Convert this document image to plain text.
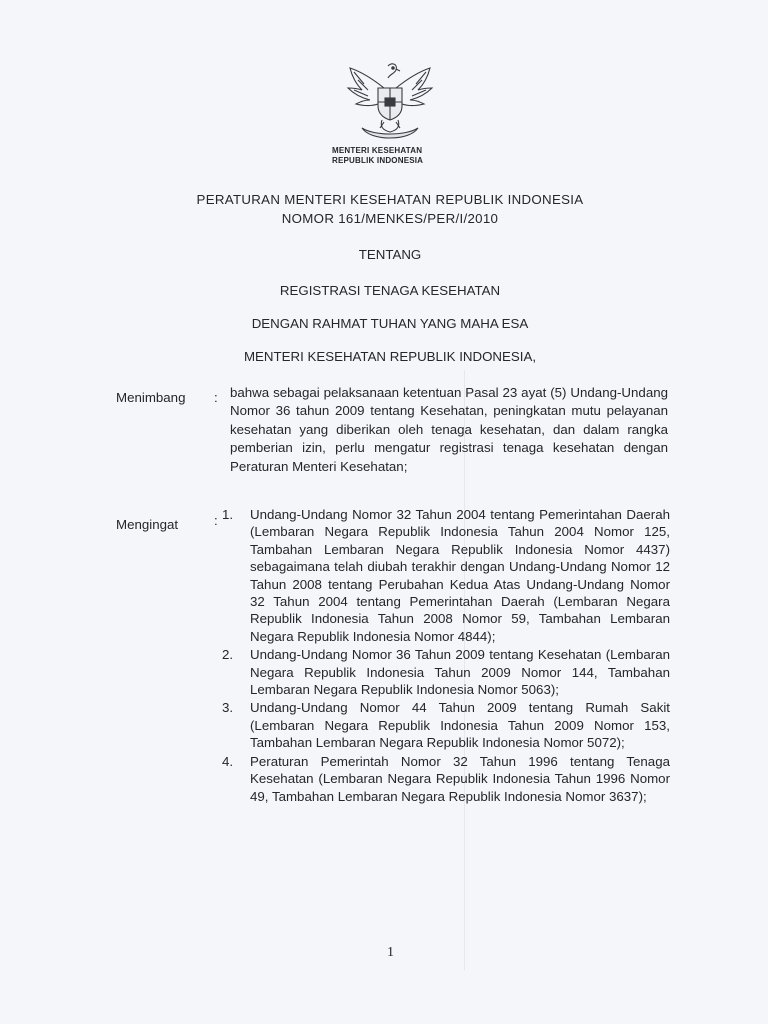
MENTERI KESEHATAN
REPUBLIK INDONESIA
PERATURAN MENTERI KESEHATAN REPUBLIK INDONESIA
NOMOR 161/MENKES/PER/I/2010
TENTANG
REGISTRASI TENAGA KESEHATAN
DENGAN RAHMAT TUHAN YANG MAHA ESA
MENTERI KESEHATAN REPUBLIK INDONESIA,
Menimbang : bahwa sebagai pelaksanaan ketentuan Pasal 23 ayat (5) Undang-Undang Nomor 36 tahun 2009 tentang Kesehatan, peningkatan mutu pelayanan kesehatan yang diberikan oleh tenaga kesehatan, dan dalam rangka pemberian izin, perlu mengatur registrasi tenaga kesehatan dengan Peraturan Menteri Kesehatan;
Mengingat	: 1.	Undang-Undang Nomor 32 Tahun 2004 tentang Pemerintahan Daerah (Lembaran Negara Republik Indonesia Tahun 2004 Nomor 125, Tambahan Lembaran Negara Republik Indonesia Nomor 4437) sebagaimana telah diubah terakhir dengan Undang-Undang Nomor 12 Tahun 2008 tentang Perubahan Kedua Atas Undang-Undang Nomor 32 Tahun 2004 tentang Pemerintahan Daerah (Lembaran Negara Republik Indonesia Tahun 2008 Nomor 59, Tambahan Lembaran Negara Republik Indonesia Nomor 4844);
2.	Undang-Undang Nomor 36 Tahun 2009 tentang Kesehatan (Lembaran Negara Republik Indonesia Tahun 2009 Nomor 144, Tambahan Lembaran Negara Republik Indonesia Nomor 5063);
3.	Undang-Undang Nomor 44 Tahun 2009 tentang Rumah Sakit (Lembaran Negara Republik Indonesia Tahun 2009 Nomor 153, Tambahan Lembaran Negara Republik Indonesia Nomor 5072);
4.	Peraturan Pemerintah Nomor 32 Tahun 1996 tentang Tenaga Kesehatan (Lembaran Negara Republik Indonesia Tahun 1996 Nomor 49, Tambahan Lembaran Negara Republik Indonesia Nomor 3637);
1
